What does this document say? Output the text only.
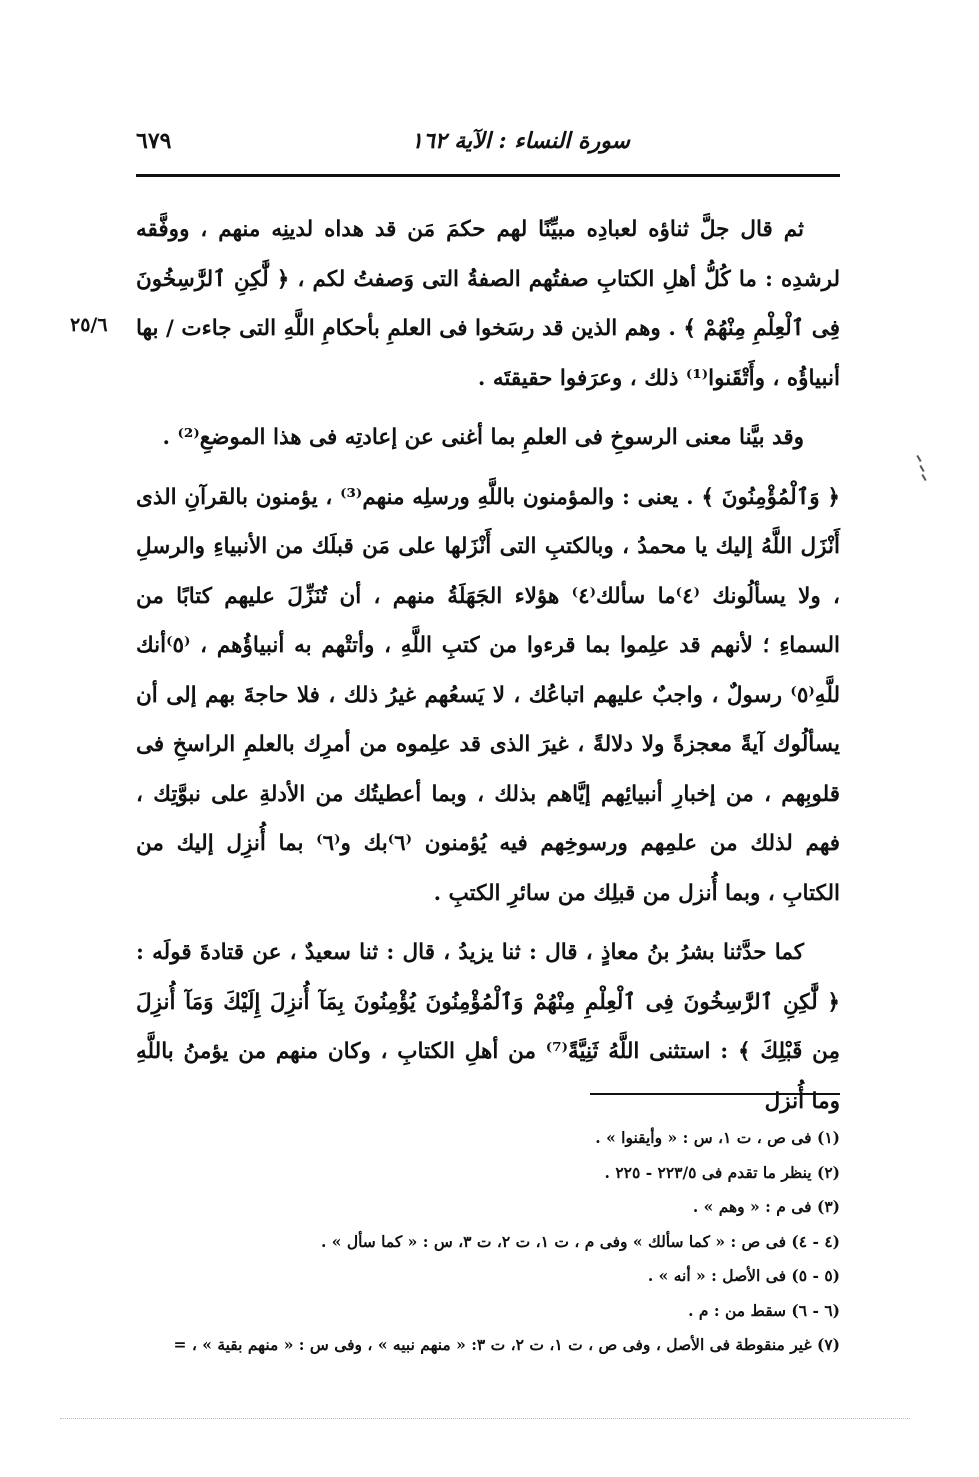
سورة النساء : الآية ١٦٢
٦٧٩
٢٥/٦

ثم قال جلَّ ثناؤه لعبادِه مبيِّنًا لهم حكمَ مَن قد هداه لدينِه منهم ، ووفَّقه لرشدِه : ما كُلُّ أهلِ الكتابِ صفتُهم الصفةُ التى وَصفتُ لكم ، ﴿ لَّٰكِنِ ٱلرَّٰسِخُونَ فِى ٱلْعِلْمِ مِنْهُمْ ﴾ . وهم الذين قد رسَخوا فى العلمِ بأحكامِ اللَّهِ التى جاءت / بها أنبياؤُه ، وأَتْقَنوا⁽¹⁾ ذلك ، وعرَفوا حقيقتَه .

وقد بيَّنا معنى الرسوخِ فى العلمِ بما أغنى عن إعادتِه فى هذا الموضعِ⁽²⁾ .

﴿ وَٱلْمُؤْمِنُونَ ﴾ . يعنى : والمؤمنون باللَّهِ ورسلِه منهم⁽³⁾ ، يؤمنون بالقرآنِ الذى أَنْزَل اللَّهُ إليك يا محمدُ ، وبالكتبِ التى أَنْزَلها على مَن قبلَك من الأنبياءِ والرسلِ ، ولا يسألُونك ⁽٤⁾ما سألك⁽٤⁾ هؤلاء الجَهَلَةُ منهم ، أن تُنَزِّلَ عليهم كتابًا من السماءِ ؛ لأنهم قد علِموا بما قرءوا من كتبِ اللَّهِ ، وأتتْهم به أنبياؤُهم ، ⁽٥⁾أنك للَّهِ⁽٥⁾ رسولٌ ، واجبٌ عليهم اتباعُك ، لا يَسعُهم غيرُ ذلك ، فلا حاجةَ بهم إلى أن يسألُوك آيةً معجزةً ولا دلالةً ، غيرَ الذى قد علِموه من أمرِك بالعلمِ الراسخِ فى قلوبِهم ، من إخبارِ أنبيائِهم إيَّاهم بذلك ، وبما أعطيتُك من الأدلةِ على نبوَّتِك ، فهم لذلك من علمِهم ورسوخِهم فيه يُؤمنون ⁽٦⁾بك و⁽٦⁾ بما أُنزِل إليك من الكتابِ ، وبما أُنزل من قبلِك من سائرِ الكتبِ .

كما حدَّثنا بشرُ بنُ معاذٍ ، قال : ثنا يزيدُ ، قال : ثنا سعيدٌ ، عن قتادةَ قولَه : ﴿ لَّٰكِنِ ٱلرَّٰسِخُونَ فِى ٱلْعِلْمِ مِنْهُمْ وَٱلْمُؤْمِنُونَ يُؤْمِنُونَ بِمَآ أُنزِلَ إِلَيْكَ وَمَآ أُنزِلَ مِن قَبْلِكَ ﴾ : استثنى اللَّهُ ثَنِيَّةً⁽⁷⁾ من أهلِ الكتابِ ، وكان منهم من يؤمنُ باللَّهِ وما أُنزل

(١) فى ص ، ت ١، س : « وأيقنوا » .

(٢) ينظر ما تقدم فى ٢٢٣/٥ - ٢٢٥ .

(٣) فى م : « وهم » .

(٤ - ٤) فى ص : « كما سألك » وفى م ، ت ١، ت ٢، ت ٣، س : « كما سأل » .

(٥ - ٥) فى الأصل : « أنه » .

(٦ - ٦) سقط من : م .

(٧) غير منقوطة فى الأصل ، وفى ص ، ت ١، ت ٢، ت ٣: « منهم نبيه » ، وفى س : « منهم بقية » ، =
